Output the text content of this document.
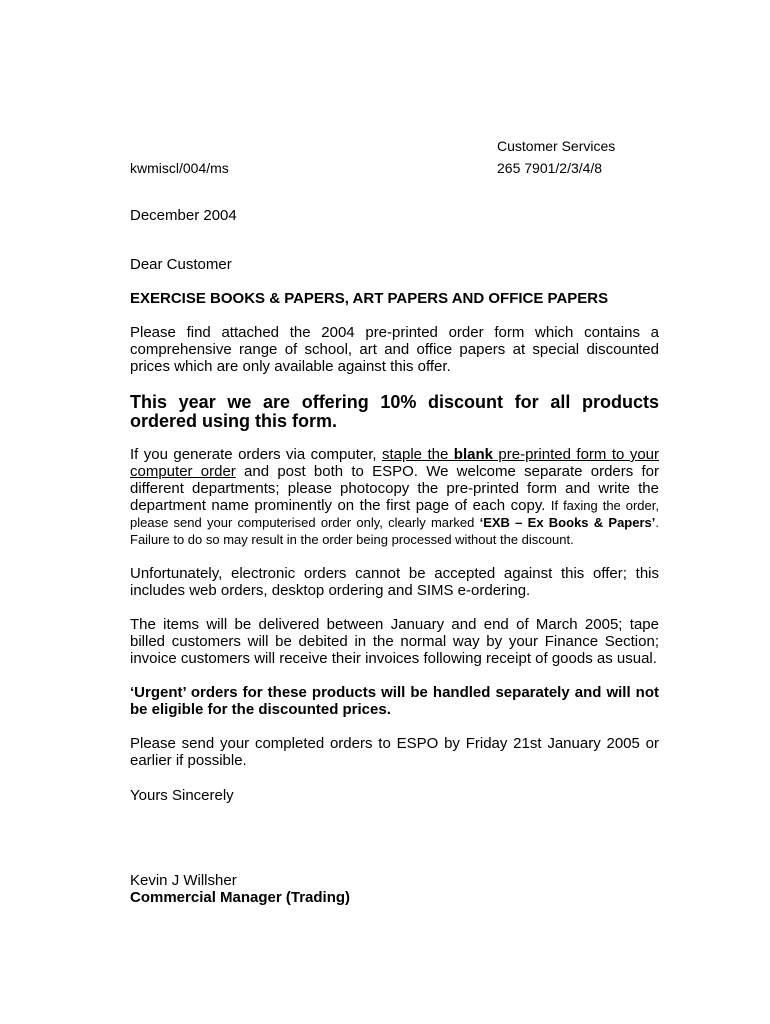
Customer Services
kwmiscl/004/ms	265 7901/2/3/4/8
December 2004
Dear Customer
EXERCISE BOOKS & PAPERS, ART PAPERS AND OFFICE PAPERS
Please find attached the 2004 pre-printed order form which contains a comprehensive range of school, art and office papers at special discounted prices which are only available against this offer.
This year we are offering 10% discount for all products ordered using this form.
If you generate orders via computer, staple the blank pre-printed form to your computer order and post both to ESPO. We welcome separate orders for different departments; please photocopy the pre-printed form and write the department name prominently on the first page of each copy. If faxing the order, please send your computerised order only, clearly marked ‘EXB – Ex Books & Papers’. Failure to do so may result in the order being processed without the discount.
Unfortunately, electronic orders cannot be accepted against this offer; this includes web orders, desktop ordering and SIMS e-ordering.
The items will be delivered between January and end of March 2005; tape billed customers will be debited in the normal way by your Finance Section; invoice customers will receive their invoices following receipt of goods as usual.
‘Urgent’ orders for these products will be handled separately and will not be eligible for the discounted prices.
Please send your completed orders to ESPO by Friday 21st January 2005 or earlier if possible.
Yours Sincerely
Kevin J Willsher
Commercial Manager (Trading)
